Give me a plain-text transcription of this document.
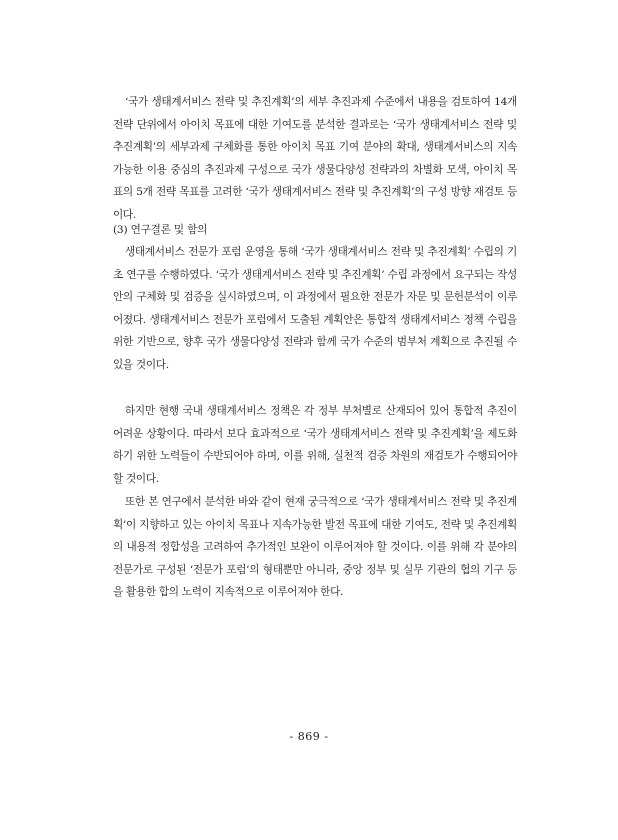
‘국가 생태계서비스 전략 및 추진계획’의 세부 추진과제 수준에서 내용을 검토하여 14개 전략 단위에서 아이치 목표에 대한 기여도를 분석한 결과로는 ‘국가 생태계서비스 전략 및 추진계획’의 세부과제 구체화를 통한 아이치 목표 기여 분야의 확대, 생태계서비스의 지속가능한 이용 중심의 추진과제 구성으로 국가 생물다양성 전략과의 차별화 모색, 아이치 목표의 5개 전략 목표를 고려한 ‘국가 생태계서비스 전략 및 추진계획’의 구성 방향 재검토 등이다.

(3) 연구결론 및 함의

생태계서비스 전문가 포럼 운영을 통해 ‘국가 생태계서비스 전략 및 추진계획’ 수립의 기초 연구를 수행하였다. ‘국가 생태계서비스 전략 및 추진계획’ 수립 과정에서 요구되는 작성안의 구체화 및 검증을 실시하였으며, 이 과정에서 필요한 전문가 자문 및 문헌분석이 이루어졌다. 생태계서비스 전문가 포럼에서 도출된 계획안은 통합적 생태계서비스 정책 수립을 위한 기반으로, 향후 국가 생물다양성 전략과 함께 국가 수준의 범부처 계획으로 추진될 수 있을 것이다.

하지만 현행 국내 생태계서비스 정책은 각 정부 부처별로 산재되어 있어 통합적 추진이 어려운 상황이다. 따라서 보다 효과적으로 ‘국가 생태계서비스 전략 및 추진계획’을 제도화하기 위한 노력들이 수반되어야 하며, 이를 위해, 실천적 검증 차원의 재검토가 수행되어야 할 것이다.

또한 본 연구에서 분석한 바와 같이 현재 궁극적으로 ‘국가 생태계서비스 전략 및 추진계획’이 지향하고 있는 아이치 목표나 지속가능한 발전 목표에 대한 기여도, 전략 및 추진계획의 내용적 정합성을 고려하여 추가적인 보완이 이루어져야 할 것이다. 이를 위해 각 분야의 전문가로 구성된 ‘전문가 포럼’의 형태뿐만 아니라, 중앙 정부 및 실무 기관의 협의 기구 등을 활용한 합의 노력이 지속적으로 이루어져야 한다.

- 869 -
